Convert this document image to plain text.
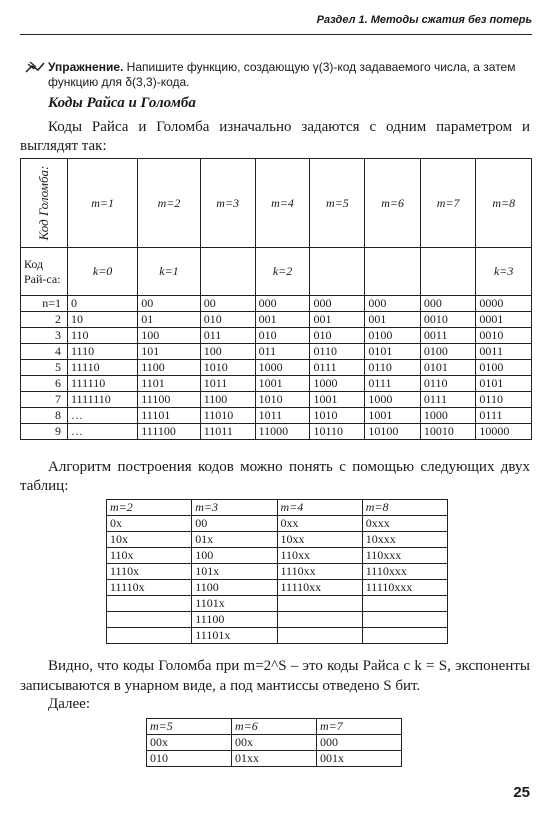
Раздел 1. Методы сжатия без потерь
Упражнение. Напишите функцию, создающую γ(3)-код задаваемого числа, а затем функцию для δ(3,3)-кода.
Коды Райса и Голомба
Коды Райса и Голомба изначально задаются с одним параметром и выглядят так:
Код Голомба:	m=1	m=2	m=3	m=4	m=5	m=6	m=7	m=8
Код Рай-са:	k=0	k=1		k=2				k=3
n=1	0	00	00	000	000	000	000	0000
2	10	01	010	001	001	001	0010	0001
3	110	100	011	010	010	0100	0011	0010
4	1110	101	100	011	0110	0101	0100	0011
5	11110	1100	1010	1000	0111	0110	0101	0100
6	111110	1101	1011	1001	1000	0111	0110	0101
7	1111110	11100	1100	1010	1001	1000	0111	0110
8	…	11101	11010	1011	1010	1001	1000	0111
9	…	111100	11011	11000	10110	10100	10010	10000
Алгоритм построения кодов можно понять с помощью следующих двух таблиц:
m=2	m=3	m=4	m=8
0x	00	0xx	0xxx
10x	01x	10xx	10xxx
110x	100	110xx	110xxx
1110x	101x	1110xx	1110xxx
11110x	1100	11110xx	11110xxx
	1101x		
	11100		
	11101x		
Видно, что коды Голомба при m=2^S – это коды Райса с k = S, экспоненты записываются в унарном виде, а под мантиссы отведено S бит.
Далее:
m=5	m=6	m=7
00x	00x	000
010	01xx	001x
25
